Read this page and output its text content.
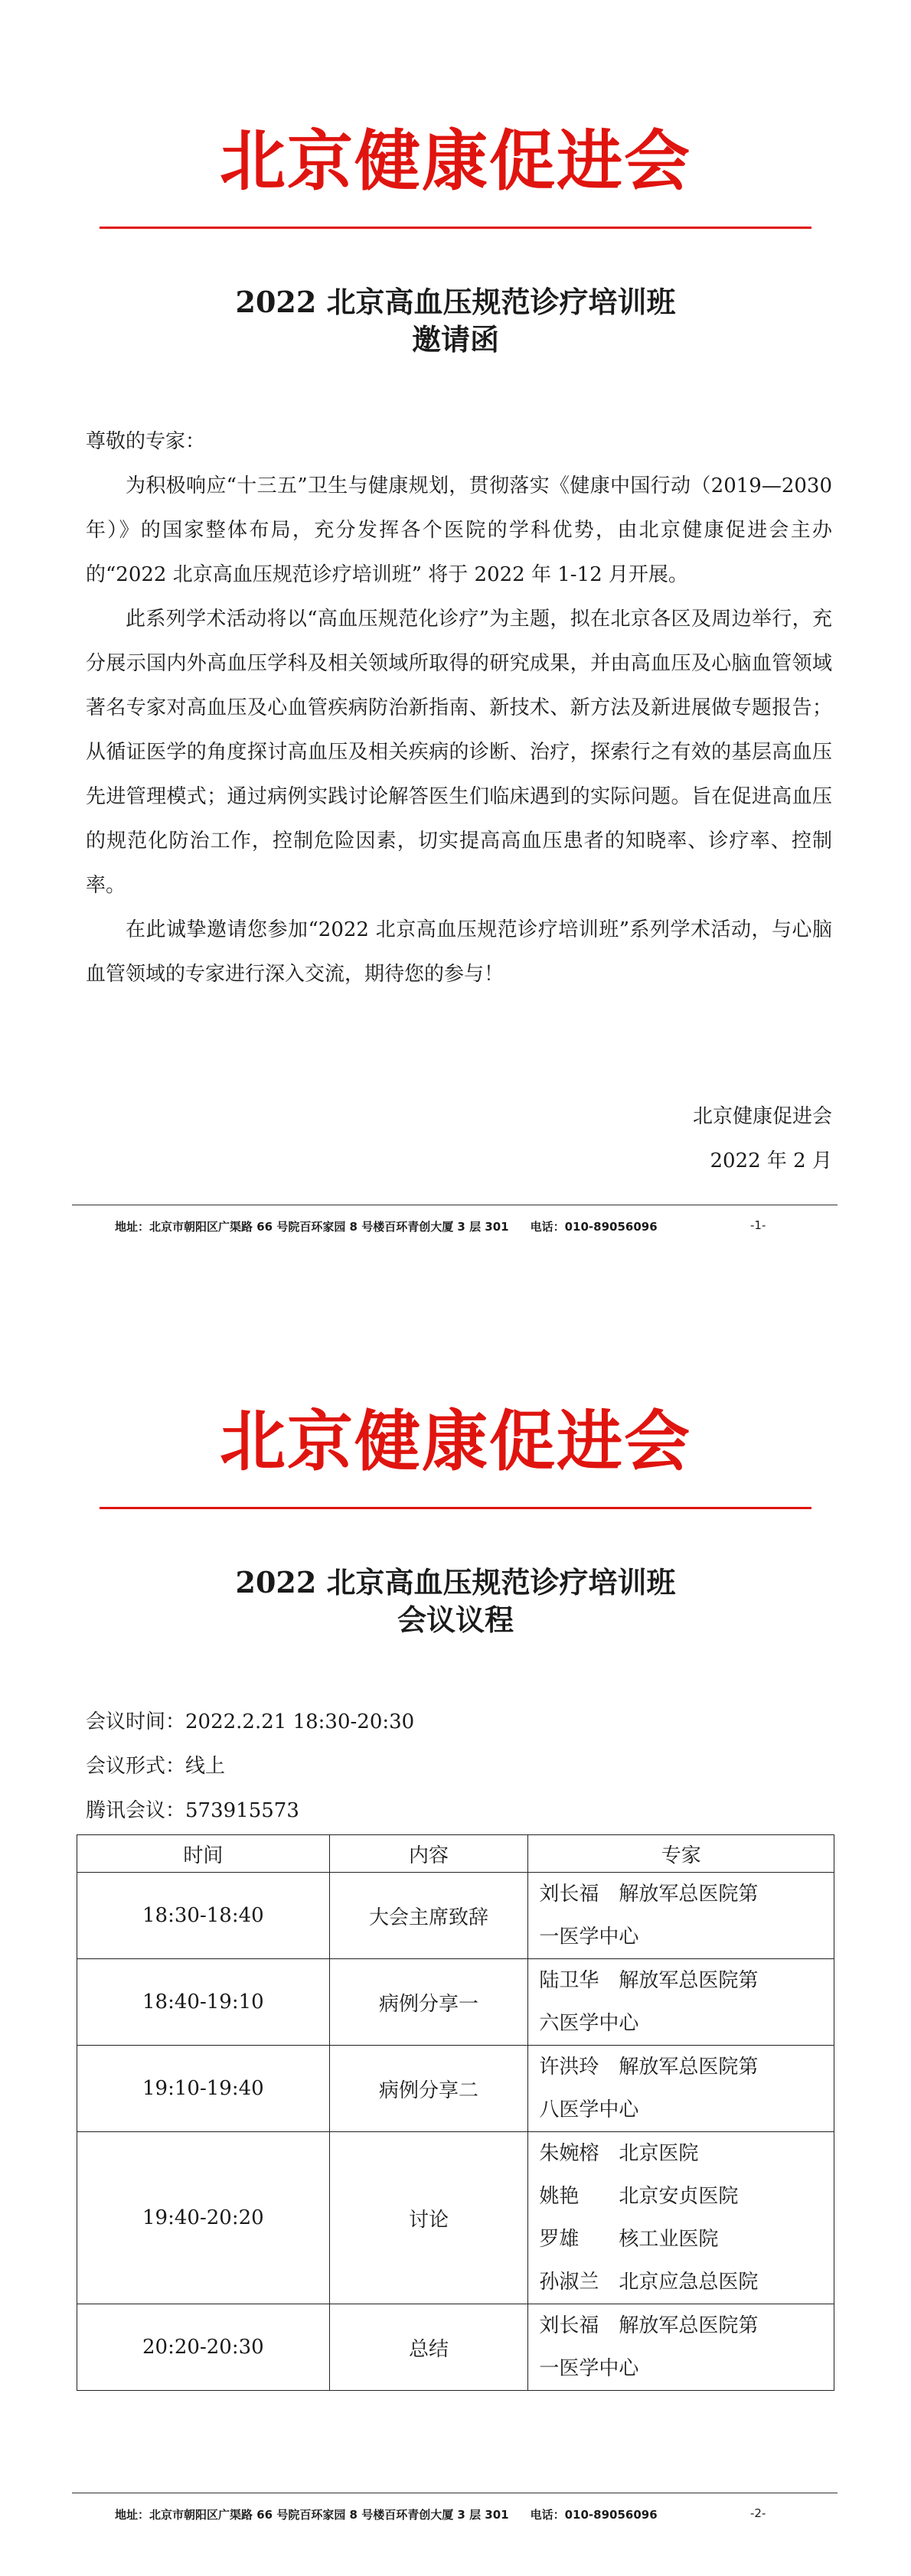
北京健康促进会
2022 北京高血压规范诊疗培训班
邀请函

尊敬的专家：

为积极响应“十三五”卫生与健康规划，贯彻落实《健康中国行动（2019—2030 年）》的国家整体布局，充分发挥各个医院的学科优势，由北京健康促进会主办的“2022 北京高血压规范诊疗培训班” 将于 2022 年 1-12 月开展。

此系列学术活动将以“高血压规范化诊疗”为主题，拟在北京各区及周边举行，充分展示国内外高血压学科及相关领域所取得的研究成果，并由高血压及心脑血管领域著名专家对高血压及心血管疾病防治新指南、新技术、新方法及新进展做专题报告；从循证医学的角度探讨高血压及相关疾病的诊断、治疗，探索行之有效的基层高血压先进管理模式；通过病例实践讨论解答医生们临床遇到的实际问题。旨在促进高血压的规范化防治工作，控制危险因素，切实提高高血压患者的知晓率、诊疗率、控制率。

在此诚挚邀请您参加“2022 北京高血压规范诊疗培训班”系列学术活动，与心脑血管领域的专家进行深入交流，期待您的参与！

北京健康促进会
2022 年 2 月
地址：北京市朝阳区广渠路 66 号院百环家园 8 号楼百环青创大厦 3 层 301 电话：010-89056096	-1-
北京健康促进会
2022 北京高血压规范诊疗培训班
会议议程
会议时间：2022.2.21 18:30-20:30
会议形式：线上
腾讯会议：573915573
时间	内容	专家
18:30-18:40	大会主席致辞	刘长福　解放军总医院第
一医学中心

18:40-19:10	病例分享一	陆卫华　解放军总医院第
六医学中心

19:10-19:40	病例分享二	许洪玲　解放军总医院第
八医学中心

19:40-20:20	讨论	朱婉榕　北京医院
姚艳　　北京安贞医院
罗雄　　核工业医院
孙淑兰　北京应急总医院

20:20-20:30	总结	刘长福　解放军总医院第
一医学中心
地址：北京市朝阳区广渠路 66 号院百环家园 8 号楼百环青创大厦 3 层 301 电话：010-89056096	-2-
